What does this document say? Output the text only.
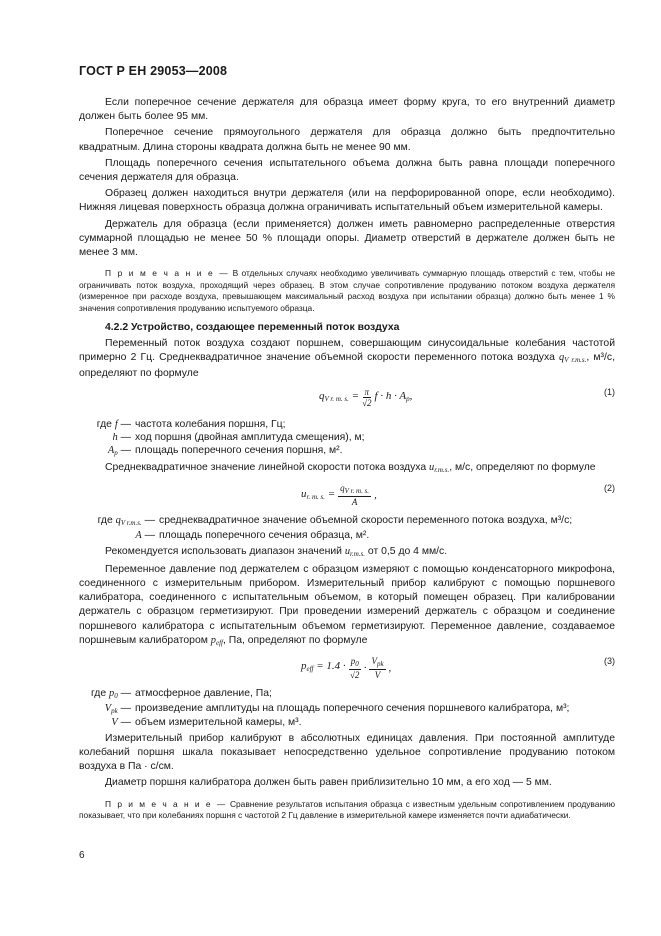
ГОСТ Р ЕН 29053—2008

Если поперечное сечение держателя для образца имеет форму круга, то его внутренний диаметр должен быть более 95 мм.

Поперечное сечение прямоугольного держателя для образца должно быть предпочтительно квадратным. Длина стороны квадрата должна быть не менее 90 мм.

Площадь поперечного сечения испытательного объема должна быть равна площади поперечного сечения держателя для образца.

Образец должен находиться внутри держателя (или на перфорированной опоре, если необходимо). Нижняя лицевая поверхность образца должна ограничивать испытательный объем измерительной камеры.

Держатель для образца (если применяется) должен иметь равномерно распределенные отверстия суммарной площадью не менее 50 % площади опоры. Диаметр отверстий в держателе должен быть не менее 3 мм.

П р и м е ч а н и е — В отдельных случаях необходимо увеличивать суммарную площадь отверстий с тем, чтобы не ограничивать поток воздуха, проходящий через образец. В этом случае сопротивление продуванию потоком воздуха держателя (измеренное при расходе воздуха, превышающем максимальный расход воздуха при испытании образца) должно быть менее 1 % значения сопротивления продуванию испытуемого образца.

4.2.2 Устройство, создающее переменный поток воздуха

Переменный поток воздуха создают поршнем, совершающим синусоидальные колебания частотой примерно 2 Гц. Среднеквадратичное значение объемной скорости переменного потока воздуха $q_{V r.m.s.}$, м³/с, определяют по формуле

$q_{V r. m. s.} = \frac{\pi}{√2}$ $f \cdot h \cdot A_p$,	(1)
где f — частота колебания поршня, Гц;
h — ход поршня (двойная амплитуда смещения), м;
$A_p$ — площадь поперечного сечения поршня, м².

Среднеквадратичное значение линейной скорости потока воздуха $u_{r.m.s.}$, м/с, определяют по формуле

$u_{r. m. s.} = \frac{q_{V r. m. s.}}{A}$ ,
(2)
где $q_{V r.m.s.}$ — среднеквадратичное значение объемной скорости переменного потока воздуха, м³/с;
A — площадь поперечного сечения образца, м².

Рекомендуется использовать диапазон значений $u_{r.m.s.}$ от 0,5 до 4 мм/с.

Переменное давление под держателем с образцом измеряют с помощью конденсаторного микрофона, соединенного с измерительным прибором. Измерительный прибор калибруют с помощью поршневого калибратора, соединенного с испытательным объемом, в который помещен образец. При калибровании держатель с образцом герметизируют. При проведении измерений держатель с образцом и соединение поршневого калибратора с испытательным объемом герметизируют. Переменное давление, создаваемое поршневым калибратором $p_{eff}$, Па, определяют по формуле

$p_{eff} = 1.4 \cdot \frac{p_0}{√2} \cdot \frac{V_{pk}}{V}$ ,
(3)
где $p_0$ — атмосферное давление, Па;
$V_{pk}$ — произведение амплитуды на площадь поперечного сечения поршневого калибратора, м³;
V — объем измерительной камеры, м³.

Измерительный прибор калибруют в абсолютных единицах давления. При постоянной амплитуде колебаний поршня шкала показывает непосредственно удельное сопротивление продуванию потоком воздуха в Па · с/см.

Диаметр поршня калибратора должен быть равен приблизительно 10 мм, а его ход — 5 мм.

П р и м е ч а н и е — Сравнение результатов испытания образца с известным удельным сопротивлением продуванию показывает, что при колебаниях поршня с частотой 2 Гц давление в измерительной камере изменяется почти адиабатически.

6
